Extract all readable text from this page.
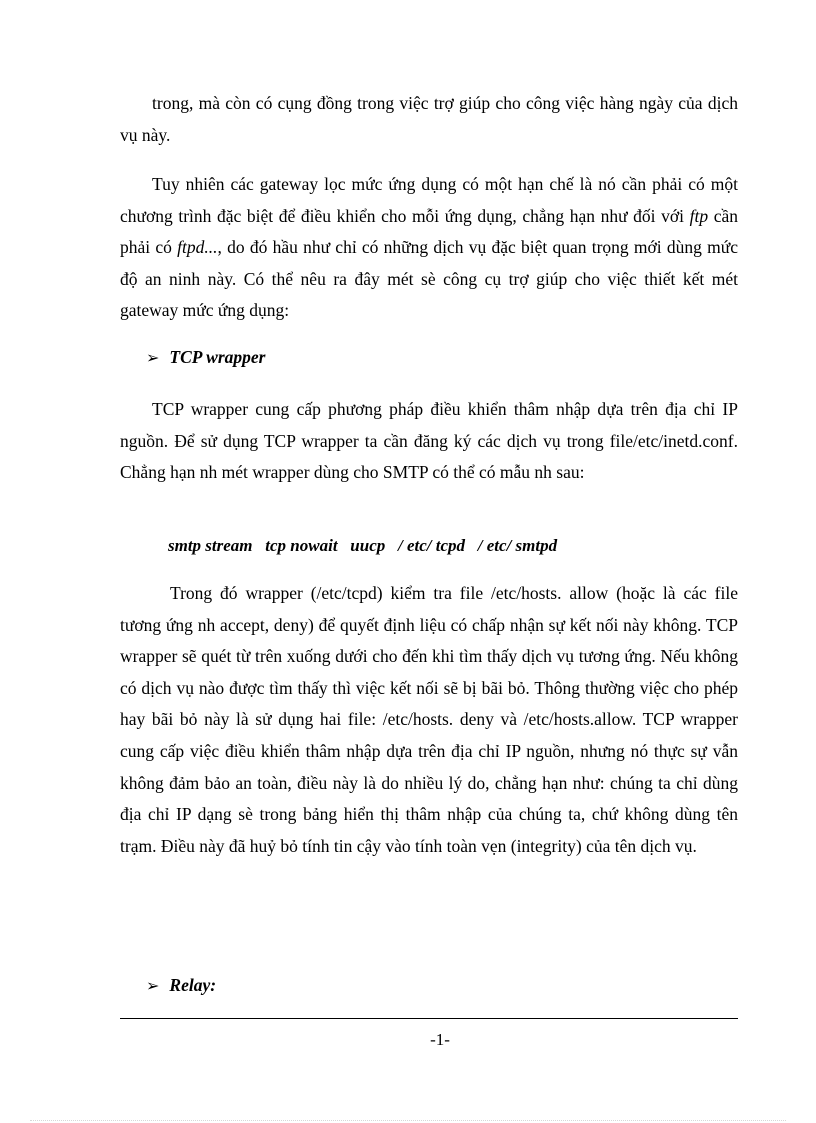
trong, mà còn có cụng đồng trong việc trợ giúp cho công việc hàng ngày của dịch vụ này.

Tuy nhiên các gateway lọc mức ứng dụng có một hạn chế là nó cần phải có một chương trình đặc biệt để điều khiển cho mỗi ứng dụng, chẳng hạn như đối với ftp cần phải có ftpd..., do đó hầu như chỉ có những dịch vụ đặc biệt quan trọng mới dùng mức độ an ninh này. Có thể nêu ra đây mét sè công cụ trợ giúp cho việc thiết kết mét gateway mức ứng dụng:

➢ TCP wrapper

TCP wrapper cung cấp phương pháp điều khiển thâm nhập dựa trên địa chỉ IP nguồn. Để sử dụng TCP wrapper ta cần đăng ký các dịch vụ trong file/etc/inetd.conf. Chẳng hạn nh mét wrapper dùng cho SMTP có thể có mẫu nh sau:

smtp stream   tcp nowait   uucp   / etc/ tcpd   / etc/ smtpd

Trong đó wrapper (/etc/tcpd) kiểm tra file /etc/hosts. allow (hoặc là các file tương ứng nh accept, deny) để quyết định liệu có chấp nhận sự kết nối này không. TCP wrapper sẽ quét từ trên xuống dưới cho đến khi tìm thấy dịch vụ tương ứng. Nếu không có dịch vụ nào được tìm thấy thì việc kết nối sẽ bị bãi bỏ. Thông thường việc cho phép hay bãi bỏ này là sử dụng hai file: /etc/hosts. deny và /etc/hosts.allow. TCP wrapper cung cấp việc điều khiển thâm nhập dựa trên địa chỉ IP nguồn, nhưng nó thực sự vẫn không đảm bảo an toàn, điều này là do nhiều lý do, chẳng hạn như: chúng ta chỉ dùng địa chỉ IP dạng sè trong bảng hiển thị thâm nhập của chúng ta, chứ không dùng tên trạm. Điều này đã huỷ bỏ tính tin cậy vào tính toàn vẹn (integrity) của tên dịch vụ.

➢ Relay:
-1-
